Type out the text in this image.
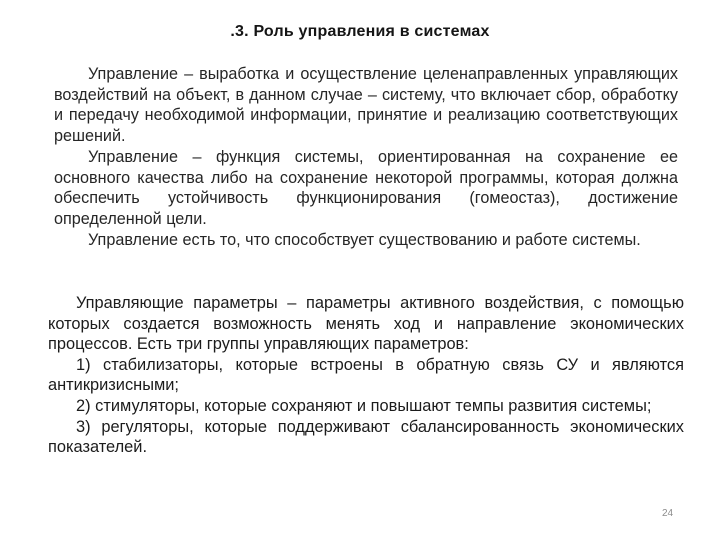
.3. Роль управления в системах

Управление – выработка и осуществление целенаправленных управляющих воздействий на объект, в данном случае – систему, что включает сбор, обработку и передачу необходимой информации, принятие и реализацию соответствующих решений.

Управление – функция системы, ориентированная на сохранение ее основного качества либо на сохранение некоторой программы, которая должна обеспечить устойчивость функционирования (гомеостаз), достижение определенной цели.

Управление есть то, что способствует существованию и работе системы.

Управляющие параметры – параметры активного воздействия, с помощью которых создается возможность менять ход и направление экономических процессов. Есть три группы управляющих параметров:

1) стабилизаторы, которые встроены в обратную связь СУ и являются антикризисными;

2) стимуляторы, которые сохраняют и повышают темпы развития системы;

3) регуляторы, которые поддерживают сбалансированность экономических показателей.

24
